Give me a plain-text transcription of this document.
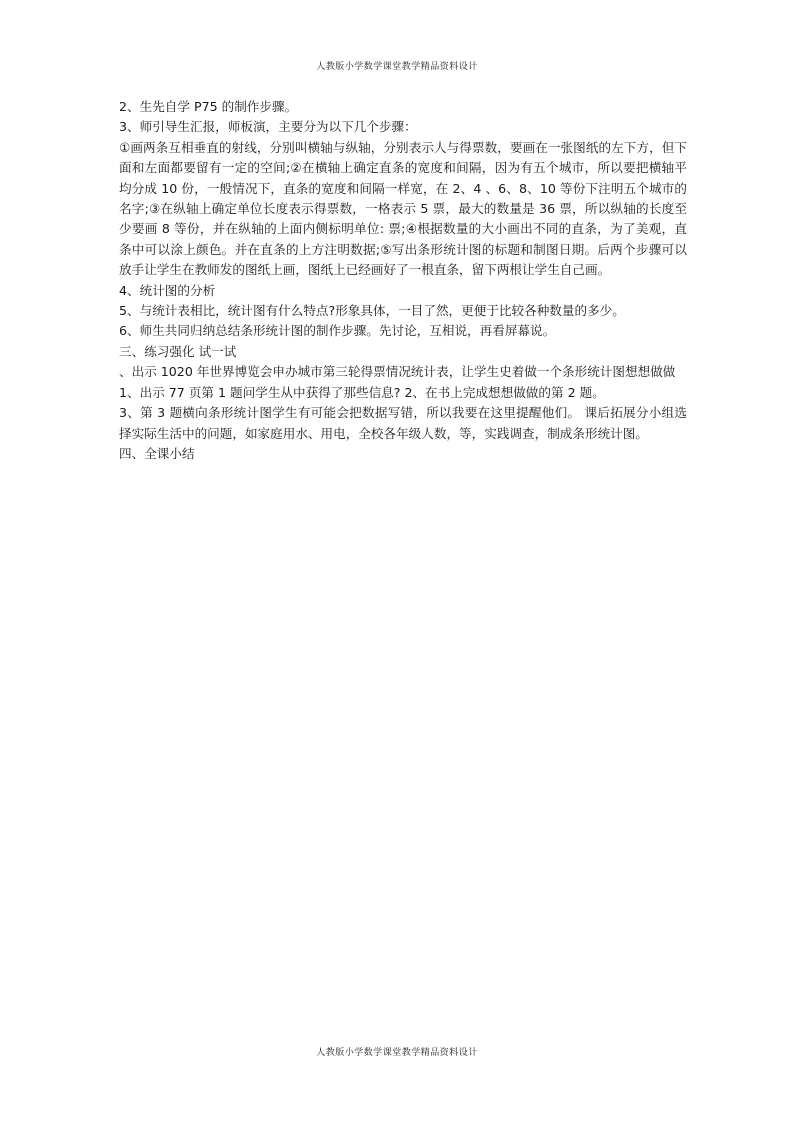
人教版小学数学课堂教学精品资料设计

2、生先自学 P75 的制作步骤。

3、师引导生汇报，师板演，主要分为以下几个步骤：

①画两条互相垂直的射线，分别叫横轴与纵轴，分别表示人与得票数，要画在一张图纸的左下方，但下面和左面都要留有一定的空间;②在横轴上确定直条的宽度和间隔，因为有五个城市，所以要把横轴平均分成 10 份，一般情况下，直条的宽度和间隔一样宽，在 2、4 、6、8、10 等份下注明五个城市的名字;③在纵轴上确定单位长度表示得票数，一格表示 5 票，最大的数量是 36 票，所以纵轴的长度至少要画 8 等份，并在纵轴的上面内侧标明单位: 票;④根据数量的大小画出不同的直条，为了美观，直条中可以涂上颜色。并在直条的上方注明数据;⑤写出条形统计图的标题和制图日期。后两个步骤可以放手让学生在教师发的图纸上画，图纸上已经画好了一根直条，留下两根让学生自己画。

4、统计图的分析

5、与统计表相比，统计图有什么特点?形象具体，一目了然，更便于比较各种数量的多少。

6、师生共同归纳总结条形统计图的制作步骤。先讨论，互相说，再看屏幕说。

三、练习强化 试一试

、出示 1020 年世界博览会申办城市第三轮得票情况统计表，让学生史着做一个条形统计图想想做做

1、出示 77 页第 1 题问学生从中获得了那些信息? 2、在书上完成想想做做的第 2 题。

3、第 3 题横向条形统计图学生有可能会把数据写错，所以我要在这里提醒他们。 课后拓展分小组选择实际生活中的问题，如家庭用水、用电，全校各年级人数，等，实践调查，制成条形统计图。

四、全课小结

人教版小学数学课堂教学精品资料设计
